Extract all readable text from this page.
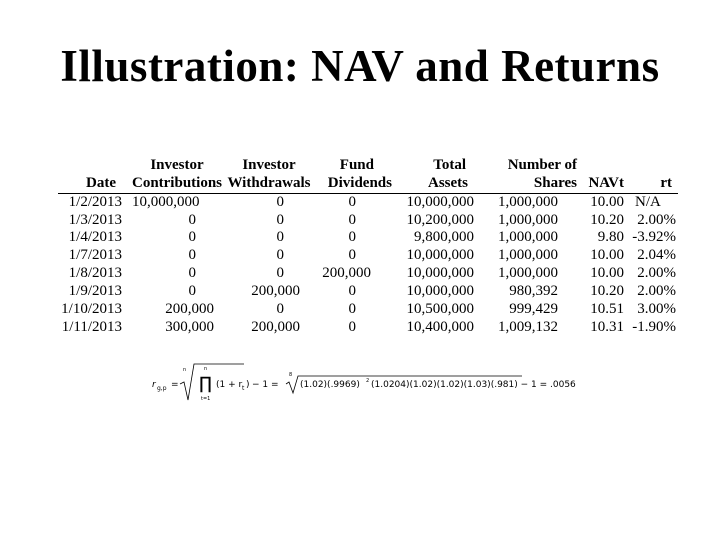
Illustration: NAV and Returns
	Investor	Investor	Fund	Total	Number of		
Date	Contributions	Withdrawals	Dividends	Assets	Shares	NAVt	rt
1/2/2013	10,000,000	0	0	10,000,000	1,000,000	10.00	N/A
1/3/2013	0	0	0	10,200,000	1,000,000	10.20	2.00%
1/4/2013	0	0	0	9,800,000	1,000,000	9.80	-3.92%
1/7/2013	0	0	0	10,000,000	1,000,000	10.00	2.04%
1/8/2013	0	0	200,000	10,000,000	1,000,000	10.00	2.00%
1/9/2013	0	200,000	0	10,000,000	980,392	10.20	2.00%
1/10/2013	200,000	0	0	10,500,000	999,429	10.51	3.00%
1/11/2013	300,000	200,000	0	10,400,000	1,009,132	10.31	-1.90%
r g,p =
n	n
∏
t=1
(1 + r t ) − 1 =
8
(1.02)(.9969) 2 (1.0204)(1.02)(1.02)(1.03)(.981) − 1 = .0056
